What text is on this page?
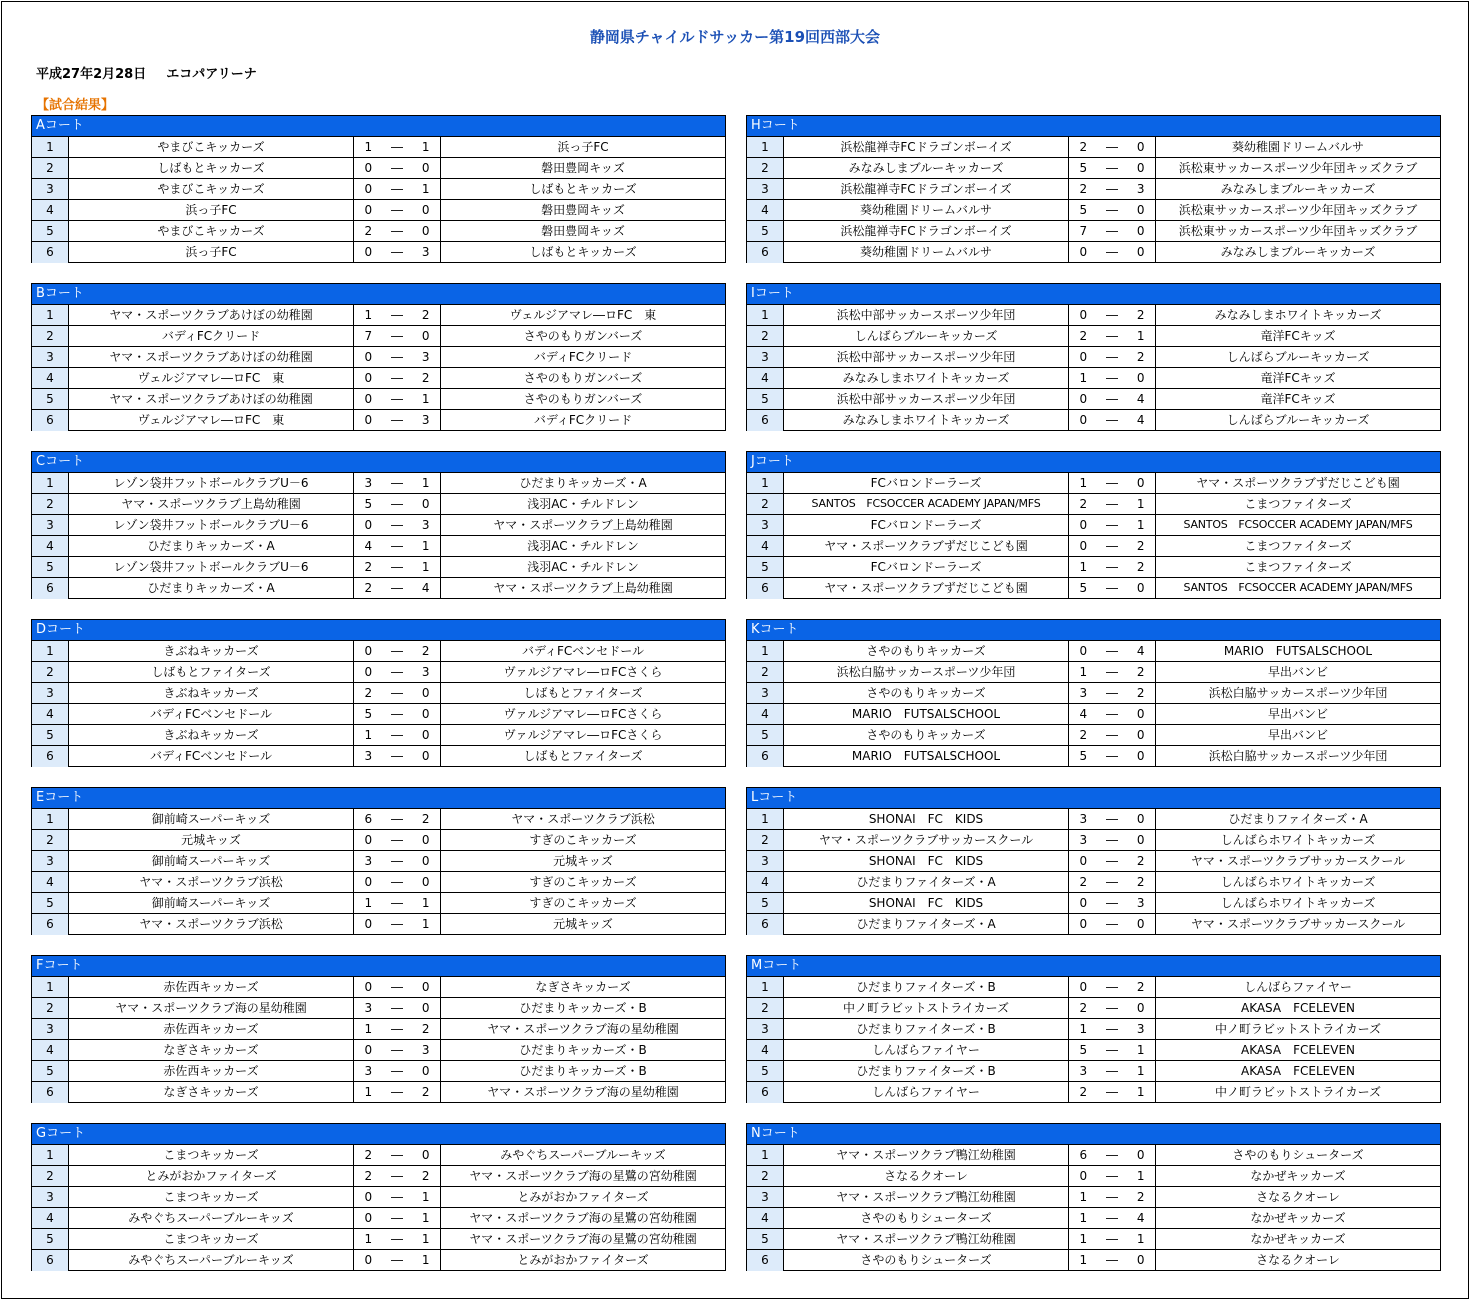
静岡県チャイルドサッカー第19回西部大会
平成27年2月28日 エコパアリーナ
【試合結果】
Aコート
1	やまびこキッカーズ	1	―	1	浜っ子FC
2	しばもとキッカーズ	0	―	0	磐田豊岡キッズ
3	やまびこキッカーズ	0	―	1	しばもとキッカーズ
4	浜っ子FC	0	―	0	磐田豊岡キッズ
5	やまびこキッカーズ	2	―	0	磐田豊岡キッズ
6	浜っ子FC	0	―	3	しばもとキッカーズ
Hコート
1	浜松龍禅寺FCドラゴンボーイズ	2	―	0	葵幼稚園ドリームバルサ
2	みなみしまブルーキッカーズ	5	―	0	浜松東サッカースポーツ少年団キッズクラブ
3	浜松龍禅寺FCドラゴンボーイズ	2	―	3	みなみしまブルーキッカーズ
4	葵幼稚園ドリームバルサ	5	―	0	浜松東サッカースポーツ少年団キッズクラブ
5	浜松龍禅寺FCドラゴンボーイズ	7	―	0	浜松東サッカースポーツ少年団キッズクラブ
6	葵幼稚園ドリームバルサ	0	―	0	みなみしまブルーキッカーズ
Bコート
1	ヤマ・スポーツクラブあけぼの幼稚園	1	―	2	ヴェルジアマレ―ロFC　東
2	バディFCクリード	7	―	0	さやのもりガンバーズ
3	ヤマ・スポーツクラブあけぼの幼稚園	0	―	3	バディFCクリード
4	ヴェルジアマレ―ロFC　東	0	―	2	さやのもりガンバーズ
5	ヤマ・スポーツクラブあけぼの幼稚園	0	―	1	さやのもりガンバーズ
6	ヴェルジアマレ―ロFC　東	0	―	3	バディFCクリード
Iコート
1	浜松中部サッカースポーツ少年団	0	―	2	みなみしまホワイトキッカーズ
2	しんばらブルーキッカーズ	2	―	1	竜洋FCキッズ
3	浜松中部サッカースポーツ少年団	0	―	2	しんばらブルーキッカーズ
4	みなみしまホワイトキッカーズ	1	―	0	竜洋FCキッズ
5	浜松中部サッカースポーツ少年団	0	―	4	竜洋FCキッズ
6	みなみしまホワイトキッカーズ	0	―	4	しんばらブルーキッカーズ
Cコート
1	レゾン袋井フットボールクラブU－6	3	―	1	ひだまりキッカーズ・A
2	ヤマ・スポーツクラブ上島幼稚園	5	―	0	浅羽AC・チルドレン
3	レゾン袋井フットボールクラブU－6	0	―	3	ヤマ・スポーツクラブ上島幼稚園
4	ひだまりキッカーズ・A	4	―	1	浅羽AC・チルドレン
5	レゾン袋井フットボールクラブU－6	2	―	1	浅羽AC・チルドレン
6	ひだまりキッカーズ・A	2	―	4	ヤマ・スポーツクラブ上島幼稚園
Jコート
1	FCバロンドーラーズ	1	―	0	ヤマ・スポーツクラブずだじこども園
2	SANTOS　FCSOCCER ACADEMY JAPAN/MFS	2	―	1	こまつファイターズ
3	FCバロンドーラーズ	0	―	1	SANTOS　FCSOCCER ACADEMY JAPAN/MFS
4	ヤマ・スポーツクラブずだじこども園	0	―	2	こまつファイターズ
5	FCバロンドーラーズ	1	―	2	こまつファイターズ
6	ヤマ・スポーツクラブずだじこども園	5	―	0	SANTOS　FCSOCCER ACADEMY JAPAN/MFS
Dコート
1	きぶねキッカーズ	0	―	2	バディFCベンセドール
2	しばもとファイターズ	0	―	3	ヴァルジアマレ―ロFCさくら
3	きぶねキッカーズ	2	―	0	しばもとファイターズ
4	バディFCベンセドール	5	―	0	ヴァルジアマレ―ロFCさくら
5	きぶねキッカーズ	1	―	0	ヴァルジアマレ―ロFCさくら
6	バディFCベンセドール	3	―	0	しばもとファイターズ
Kコート
1	さやのもりキッカーズ	0	―	4	MARIO　FUTSALSCHOOL
2	浜松白脇サッカースポーツ少年団	1	―	2	早出バンビ
3	さやのもりキッカーズ	3	―	2	浜松白脇サッカースポーツ少年団
4	MARIO　FUTSALSCHOOL	4	―	0	早出バンビ
5	さやのもりキッカーズ	2	―	0	早出バンビ
6	MARIO　FUTSALSCHOOL	5	―	0	浜松白脇サッカースポーツ少年団
Eコート
1	御前崎スーパーキッズ	6	―	2	ヤマ・スポーツクラブ浜松
2	元城キッズ	0	―	0	すぎのこキッカーズ
3	御前崎スーパーキッズ	3	―	0	元城キッズ
4	ヤマ・スポーツクラブ浜松	0	―	0	すぎのこキッカーズ
5	御前崎スーパーキッズ	1	―	1	すぎのこキッカーズ
6	ヤマ・スポーツクラブ浜松	0	―	1	元城キッズ
Lコート
1	SHONAI　FC　KIDS	3	―	0	ひだまりファイターズ・A
2	ヤマ・スポーツクラブサッカースクール	3	―	0	しんばらホワイトキッカーズ
3	SHONAI　FC　KIDS	0	―	2	ヤマ・スポーツクラブサッカースクール
4	ひだまりファイターズ・A	2	―	2	しんばらホワイトキッカーズ
5	SHONAI　FC　KIDS	0	―	3	しんばらホワイトキッカーズ
6	ひだまりファイターズ・A	0	―	0	ヤマ・スポーツクラブサッカースクール
Fコート
1	赤佐西キッカーズ	0	―	0	なぎさキッカーズ
2	ヤマ・スポーツクラブ海の星幼稚園	3	―	0	ひだまりキッカーズ・B
3	赤佐西キッカーズ	1	―	2	ヤマ・スポーツクラブ海の星幼稚園
4	なぎさキッカーズ	0	―	3	ひだまりキッカーズ・B
5	赤佐西キッカーズ	3	―	0	ひだまりキッカーズ・B
6	なぎさキッカーズ	1	―	2	ヤマ・スポーツクラブ海の星幼稚園
Mコート
1	ひだまりファイターズ・B	0	―	2	しんばらファイヤー
2	中ノ町ラビットストライカーズ	2	―	0	AKASA　FCELEVEN
3	ひだまりファイターズ・B	1	―	3	中ノ町ラビットストライカーズ
4	しんばらファイヤー	5	―	1	AKASA　FCELEVEN
5	ひだまりファイターズ・B	3	―	1	AKASA　FCELEVEN
6	しんばらファイヤー	2	―	1	中ノ町ラビットストライカーズ
Gコート
1	こまつキッカーズ	2	―	0	みやぐちスーパーブルーキッズ
2	とみがおかファイターズ	2	―	2	ヤマ・スポーツクラブ海の星鷺の宮幼稚園
3	こまつキッカーズ	0	―	1	とみがおかファイターズ
4	みやぐちスーパーブルーキッズ	0	―	1	ヤマ・スポーツクラブ海の星鷺の宮幼稚園
5	こまつキッカーズ	1	―	1	ヤマ・スポーツクラブ海の星鷺の宮幼稚園
6	みやぐちスーパーブルーキッズ	0	―	1	とみがおかファイターズ
Nコート
1	ヤマ・スポーツクラブ鴨江幼稚園	6	―	0	さやのもりシューターズ
2	さなるクオーレ	0	―	1	なかぜキッカーズ
3	ヤマ・スポーツクラブ鴨江幼稚園	1	―	2	さなるクオーレ
4	さやのもりシューターズ	1	―	4	なかぜキッカーズ
5	ヤマ・スポーツクラブ鴨江幼稚園	1	―	1	なかぜキッカーズ
6	さやのもりシューターズ	1	―	0	さなるクオーレ
